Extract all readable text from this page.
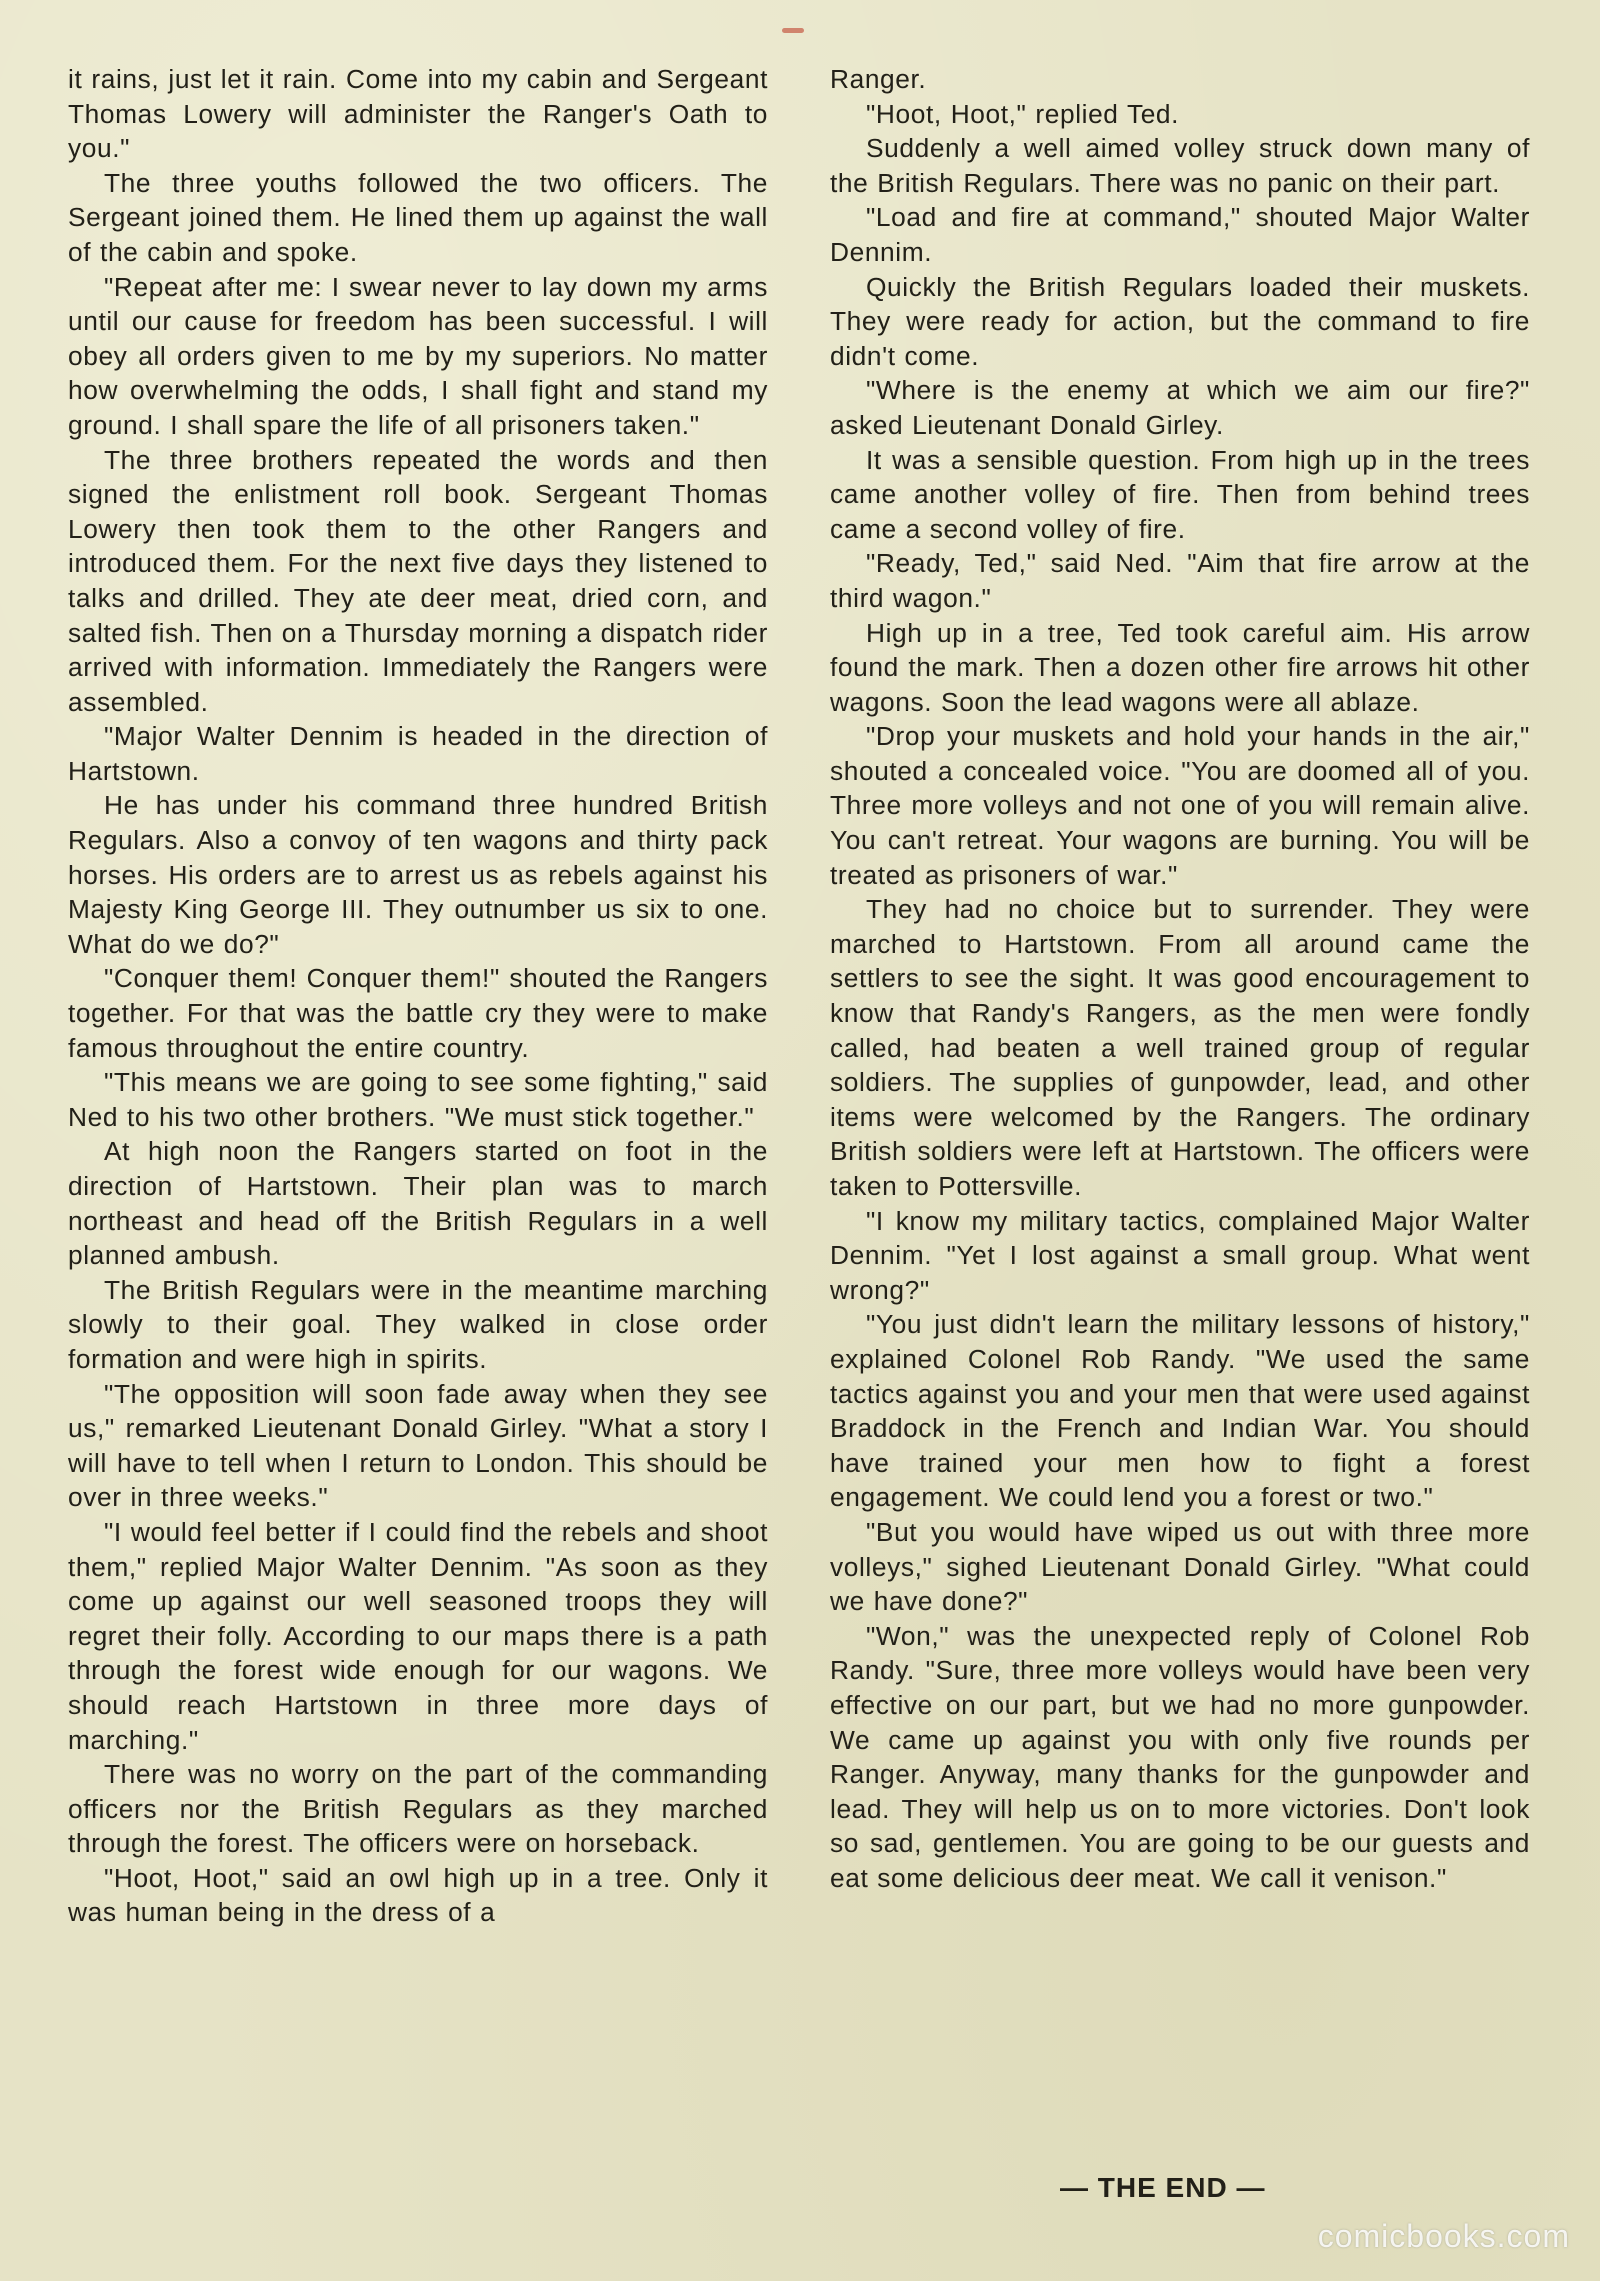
it rains, just let it rain. Come into my cabin and Sergeant Thomas Lowery will administer the Ranger's Oath to you."

The three youths followed the two officers. The Sergeant joined them. He lined them up against the wall of the cabin and spoke.

"Repeat after me: I swear never to lay down my arms until our cause for freedom has been successful. I will obey all orders given to me by my superiors. No matter how overwhelming the odds, I shall fight and stand my ground. I shall spare the life of all prisoners taken."

The three brothers repeated the words and then signed the enlistment roll book. Sergeant Thomas Lowery then took them to the other Rangers and introduced them. For the next five days they listened to talks and drilled. They ate deer meat, dried corn, and salted fish. Then on a Thursday morning a dispatch rider arrived with information. Immediately the Rangers were assembled.

"Major Walter Dennim is headed in the direction of Hartstown.

He has under his command three hundred British Regulars. Also a convoy of ten wagons and thirty pack horses. His orders are to arrest us as rebels against his Majesty King George III. They outnumber us six to one. What do we do?"

"Conquer them! Conquer them!" shouted the Rangers together. For that was the battle cry they were to make famous throughout the entire country.

"This means we are going to see some fighting," said Ned to his two other brothers. "We must stick together."

At high noon the Rangers started on foot in the direction of Hartstown. Their plan was to march northeast and head off the British Regulars in a well planned ambush.

The British Regulars were in the meantime marching slowly to their goal. They walked in close order formation and were high in spirits.

"The opposition will soon fade away when they see us," remarked Lieutenant Donald Girley. "What a story I will have to tell when I return to London. This should be over in three weeks."

"I would feel better if I could find the rebels and shoot them," replied Major Walter Dennim. "As soon as they come up against our well seasoned troops they will regret their folly. According to our maps there is a path through the forest wide enough for our wagons. We should reach Hartstown in three more days of marching."

There was no worry on the part of the commanding officers nor the British Regulars as they marched through the forest. The officers were on horseback.

"Hoot, Hoot," said an owl high up in a tree. Only it was human being in the dress of a

Ranger.

"Hoot, Hoot," replied Ted.

Suddenly a well aimed volley struck down many of the British Regulars. There was no panic on their part.

"Load and fire at command," shouted Major Walter Dennim.

Quickly the British Regulars loaded their muskets. They were ready for action, but the command to fire didn't come.

"Where is the enemy at which we aim our fire?" asked Lieutenant Donald Girley.

It was a sensible question. From high up in the trees came another volley of fire. Then from behind trees came a second volley of fire.

"Ready, Ted," said Ned. "Aim that fire arrow at the third wagon."

High up in a tree, Ted took careful aim. His arrow found the mark. Then a dozen other fire arrows hit other wagons. Soon the lead wagons were all ablaze.

"Drop your muskets and hold your hands in the air," shouted a concealed voice. "You are doomed all of you. Three more volleys and not one of you will remain alive. You can't retreat. Your wagons are burning. You will be treated as prisoners of war."

They had no choice but to surrender. They were marched to Hartstown. From all around came the settlers to see the sight. It was good encouragement to know that Randy's Rangers, as the men were fondly called, had beaten a well trained group of regular soldiers. The supplies of gunpowder, lead, and other items were welcomed by the Rangers. The ordinary British soldiers were left at Hartstown. The officers were taken to Pottersville.

"I know my military tactics, complained Major Walter Dennim. "Yet I lost against a small group. What went wrong?"

"You just didn't learn the military lessons of history," explained Colonel Rob Randy. "We used the same tactics against you and your men that were used against Braddock in the French and Indian War. You should have trained your men how to fight a forest engagement. We could lend you a forest or two."

"But you would have wiped us out with three more volleys," sighed Lieutenant Donald Girley. "What could we have done?"

"Won," was the unexpected reply of Colonel Rob Randy. "Sure, three more volleys would have been very effective on our part, but we had no more gunpowder. We came up against you with only five rounds per Ranger. Anyway, many thanks for the gunpowder and lead. They will help us on to more victories. Don't look so sad, gentlemen. You are going to be our guests and eat some delicious deer meat. We call it venison."

— THE END —
comicbooks.com
